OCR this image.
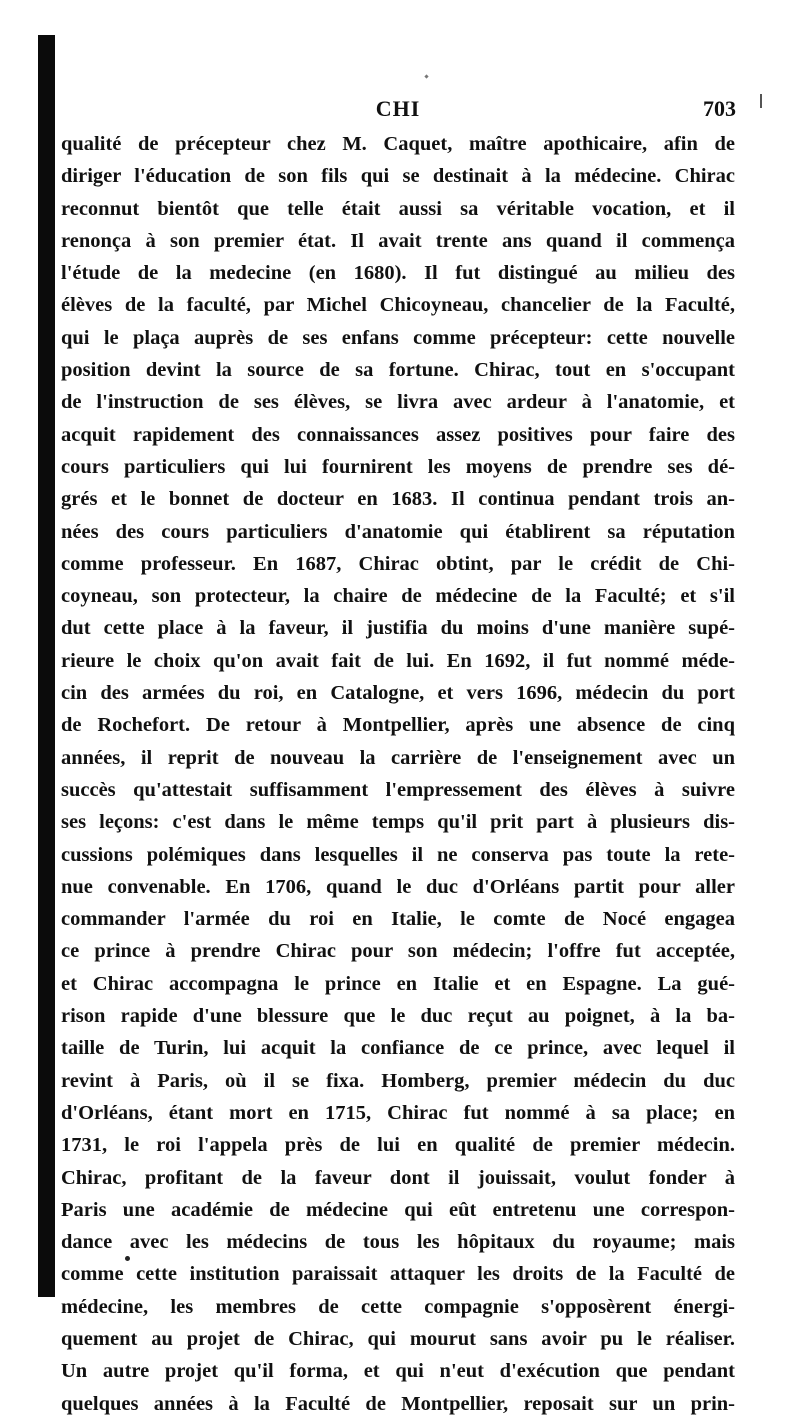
CHI	703
qualité de précepteur chez M. Caquet, maître apothicaire, afin de
diriger l'éducation de son fils qui se destinait à la médecine. Chirac
reconnut bientôt que telle était aussi sa véritable vocation, et il
renonça à son premier état. Il avait trente ans quand il commença
l'étude de la medecine (en 1680). Il fut distingué au milieu des
élèves de la faculté, par Michel Chicoyneau, chancelier de la Faculté,
qui le plaça auprès de ses enfans comme précepteur: cette nouvelle
position devint la source de sa fortune. Chirac, tout en s'occupant
de l'instruction de ses élèves, se livra avec ardeur à l'anatomie, et
acquit rapidement des connaissances assez positives pour faire des
cours particuliers qui lui fournirent les moyens de prendre ses dé-
grés et le bonnet de docteur en 1683. Il continua pendant trois an-
nées des cours particuliers d'anatomie qui établirent sa réputation
comme professeur. En 1687, Chirac obtint, par le crédit de Chi-
coyneau, son protecteur, la chaire de médecine de la Faculté; et s'il
dut cette place à la faveur, il justifia du moins d'une manière supé-
rieure le choix qu'on avait fait de lui. En 1692, il fut nommé méde-
cin des armées du roi, en Catalogne, et vers 1696, médecin du port
de Rochefort. De retour à Montpellier, après une absence de cinq
années, il reprit de nouveau la carrière de l'enseignement avec un
succès qu'attestait suffisamment l'empressement des élèves à suivre
ses leçons: c'est dans le même temps qu'il prit part à plusieurs dis-
cussions polémiques dans lesquelles il ne conserva pas toute la rete-
nue convenable. En 1706, quand le duc d'Orléans partit pour aller
commander l'armée du roi en Italie, le comte de Nocé engagea
ce prince à prendre Chirac pour son médecin; l'offre fut acceptée,
et Chirac accompagna le prince en Italie et en Espagne. La gué-
rison rapide d'une blessure que le duc reçut au poignet, à la ba-
taille de Turin, lui acquit la confiance de ce prince, avec lequel il
revint à Paris, où il se fixa. Homberg, premier médecin du duc
d'Orléans, étant mort en 1715, Chirac fut nommé à sa place; en
1731, le roi l'appela près de lui en qualité de premier médecin.
Chirac, profitant de la faveur dont il jouissait, voulut fonder à
Paris une académie de médecine qui eût entretenu une correspon-
dance avec les médecins de tous les hôpitaux du royaume; mais
comme cette institution paraissait attaquer les droits de la Faculté de
médecine, les membres de cette compagnie s'opposèrent énergi-
quement au projet de Chirac, qui mourut sans avoir pu le réaliser.
Un autre projet qu'il forma, et qui n'eut d'exécution que pendant
quelques années à la Faculté de Montpellier, reposait sur un prin-
